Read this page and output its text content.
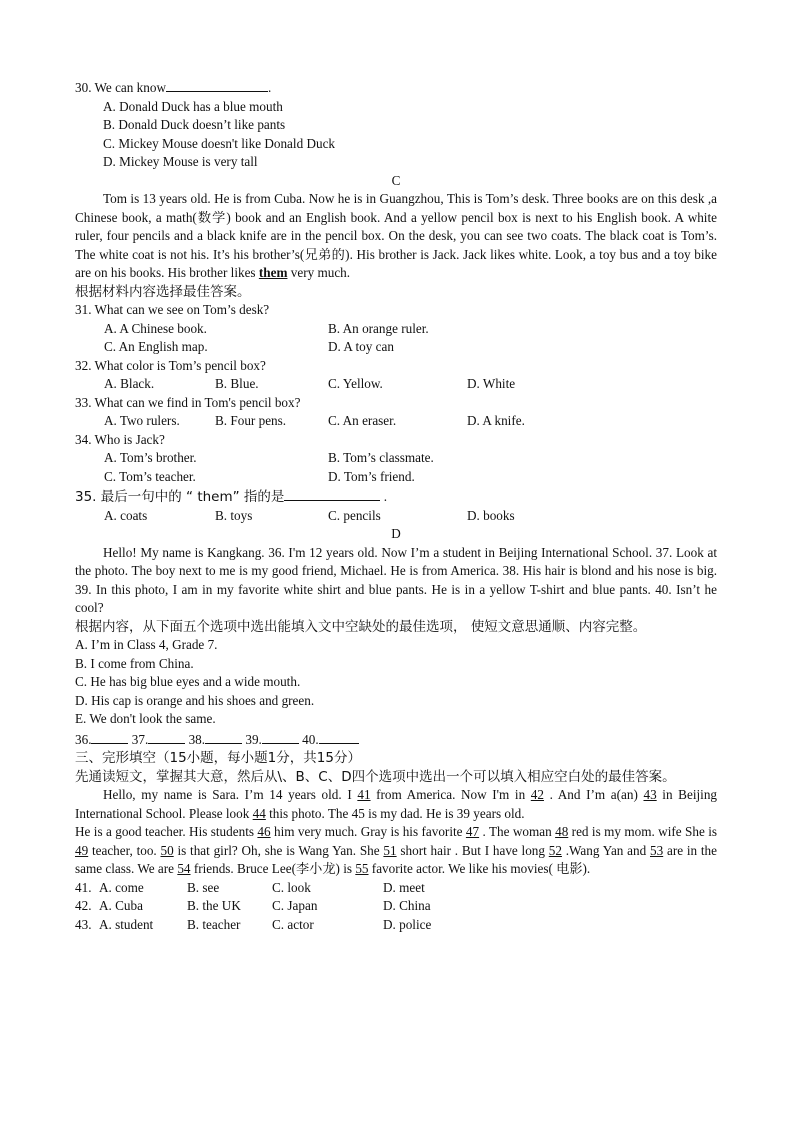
30. We can know	.
A. Donald Duck has a blue mouth
B. Donald Duck doesn’t like pants
C. Mickey Mouse doesn't like Donald Duck
D. Mickey Mouse is very tall
C
Tom is 13 years old. He is from Cuba. Now he is in Guangzhou, This is Tom’s desk. Three books are on this desk ,a Chinese book, a math(数学) book and an English book. And a yellow pencil box is next to his English book. A white ruler, four pencils and a black knife are in the pencil box. On the desk, you can see two coats. The black coat is Tom’s. The white coat is not his. It’s his brother’s(兄弟的). His brother is Jack. Jack likes white. Look, a toy bus and a toy bike are on his books. His brother likes them very much.
根据材料内容选择最佳答案。
31. What can we see on Tom’s desk?
A. A Chinese book.	B. An orange ruler.
C. An English map.	D. A toy can
32. What color is Tom’s pencil box?
A. Black.	B. Blue.	C. Yellow.	D. White
33. What can we find in Tom's pencil box?
A. Two rulers.	B. Four pens.	C. An eraser.	D. A knife.
34. Who is Jack?
A. Tom’s brother.	B. Tom’s classmate.
C. Tom’s teacher.	D. Tom’s friend.
35. 最后一句中的 “ them” 指的是	.
A. coats	B. toys	C. pencils	D. books
D
Hello! My name is Kangkang. 36. I'm 12 years old. Now I’m a student in Beijing International School. 37. Look at the photo. The boy next to me is my good friend, Michael. He is from America. 38. His hair is blond and his nose is big. 39. In this photo, I am in my favorite white shirt and blue pants. He is in a yellow T-shirt and blue pants. 40. Isn’t he cool?
根据内容，从下面五个选项中选出能填入文中空缺处的最佳选项， 使短文意思通顺、内容完整。
A. I’m in Class 4, Grade 7.
B. I come from China.
C. He has big blue eyes and a wide mouth.
D. His cap is orange and his shoes and green.
E. We don't look the same.
36.	37.	38.	39.	40.
三、完形填空（15小题，每小题1分，共15分）
先通读短文，掌握其大意，然后从\、B、C、D四个选项中选出一个可以填入相应空白处的最佳答案。
Hello, my name is Sara. I’m 14 years old. I 41 from America. Now I'm in 42 . And I’m a(an) 43 in Beijing International School. Please look 44 this photo. The 45 is my dad. He is 39 years old.
He is a good teacher. His students 46 him very much. Gray is his favorite 47 . The woman 48 red is my mom. wife She is 49 teacher, too. 50 is that girl? Oh, she is Wang Yan. She 51 short hair . But I have long 52 .Wang Yan and 53 are in the same class. We are 54 friends. Bruce Lee(李小龙) is 55 favorite actor. We like his movies( 电影).
41. A. come	B. see	C. look	D. meet
42. A. Cuba	B. the UK C. Japan	D. China
43. A. student	B. teacher C. actor	D. police
